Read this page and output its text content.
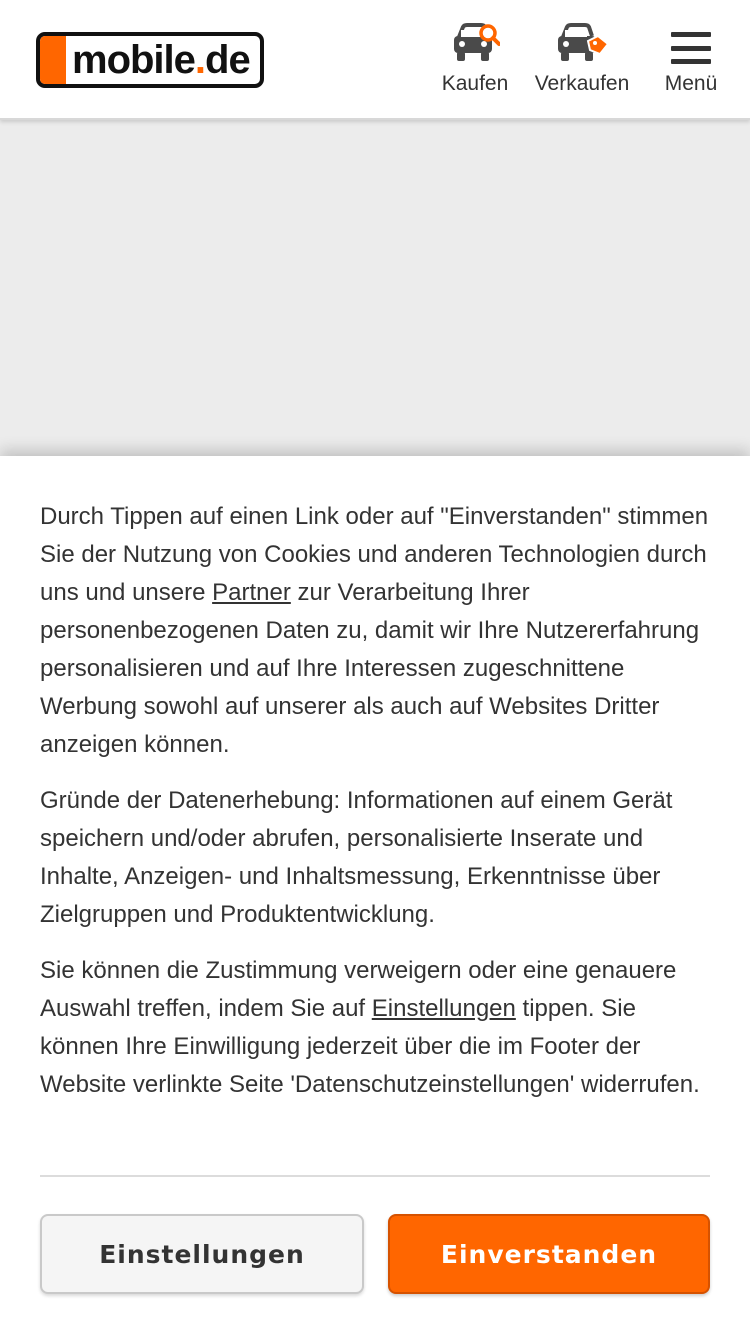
mobile.de
Kaufen Verkaufen Menü

Durch Tippen auf einen Link oder auf "Einverstanden" stimmen Sie der Nutzung von Cookies und anderen Technologien durch uns und unsere Partner zur Verarbeitung Ihrer personenbezogenen Daten zu, damit wir Ihre Nutzererfahrung personalisieren und auf Ihre Interessen zugeschnittene Werbung sowohl auf unserer als auch auf Websites Dritter anzeigen können.

Gründe der Datenerhebung: Informationen auf einem Gerät speichern und/oder abrufen, personalisierte Inserate und Inhalte, Anzeigen- und Inhaltsmessung, Erkenntnisse über Zielgruppen und Produktentwicklung.

Sie können die Zustimmung verweigern oder eine genauere Auswahl treffen, indem Sie auf Einstellungen tippen. Sie können Ihre Einwilligung jederzeit über die im Footer der Website verlinkte Seite 'Datenschutzeinstellungen' widerrufen.

Einstellungen	Einverstanden
